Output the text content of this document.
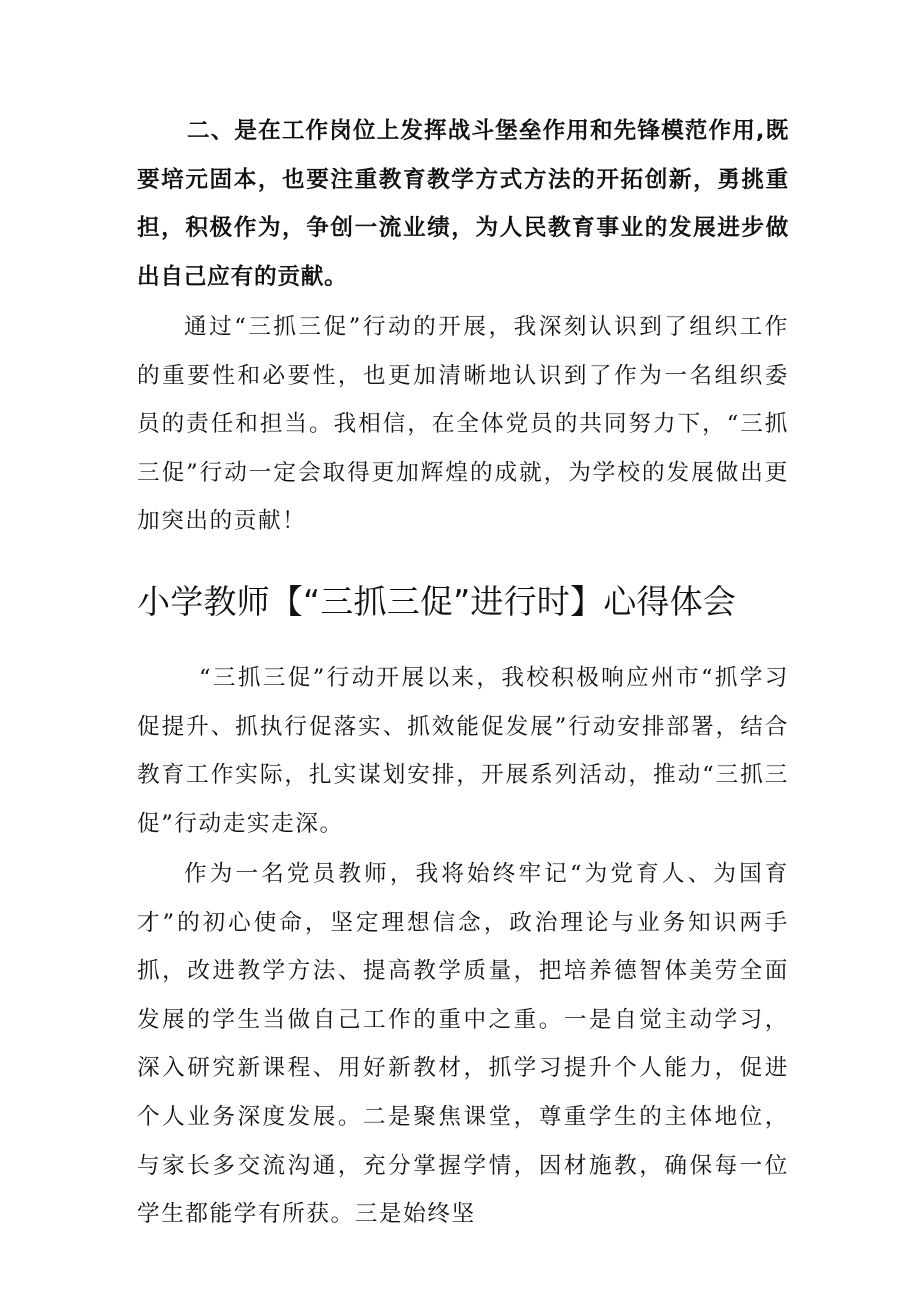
二、是在工作岗位上发挥战斗堡垒作用和先锋模范作用,既要培元固本，也要注重教育教学方式方法的开拓创新，勇挑重担，积极作为，争创一流业绩，为人民教育事业的发展进步做出自己应有的贡献。

通过“三抓三促”行动的开展，我深刻认识到了组织工作的重要性和必要性，也更加清晰地认识到了作为一名组织委员的责任和担当。我相信，在全体党员的共同努力下，“三抓三促”行动一定会取得更加辉煌的成就，为学校的发展做出更加突出的贡献！

小学教师【“三抓三促”进行时】心得体会

“三抓三促”行动开展以来，我校积极响应州市“抓学习促提升、抓执行促落实、抓效能促发展”行动安排部署，结合教育工作实际，扎实谋划安排，开展系列活动，推动“三抓三促”行动走实走深。

作为一名党员教师，我将始终牢记“为党育人、为国育才”的初心使命，坚定理想信念，政治理论与业务知识两手抓，改进教学方法、提高教学质量，把培养德智体美劳全面发展的学生当做自己工作的重中之重。一是自觉主动学习，深入研究新课程、用好新教材，抓学习提升个人能力，促进个人业务深度发展。二是聚焦课堂，尊重学生的主体地位，与家长多交流沟通，充分掌握学情，因材施教，确保每一位学生都能学有所获。三是始终坚
